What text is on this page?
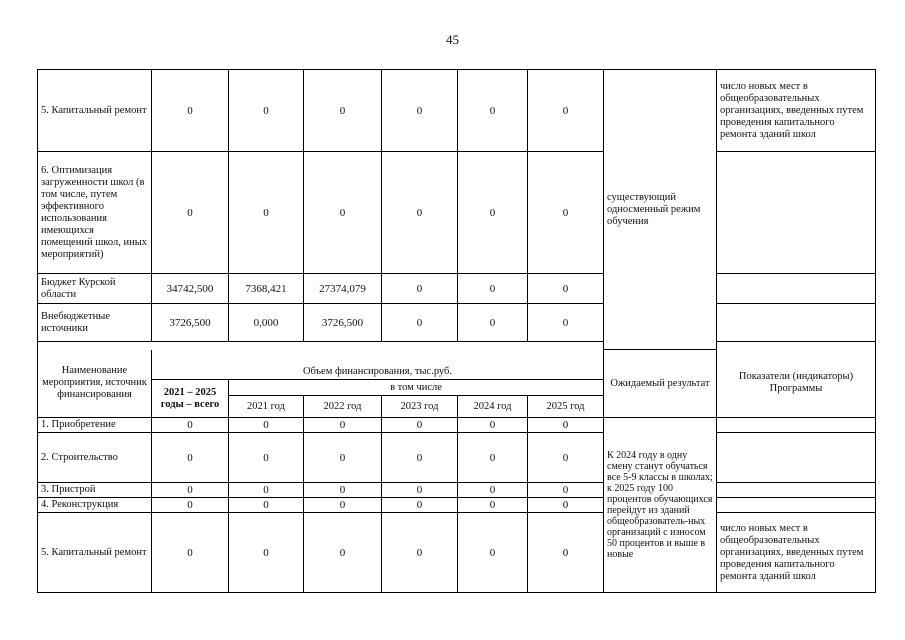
45
5. Капитальный ремонт	0	0	0	0	0	0	существующий односменный режим обучения	число новых мест в общеобразовательных организациях, введенных путем проведения капитального ремонта зданий школ
6. Оптимизация загруженности школ (в том числе, путем эффективного использования имеющихся помещений школ, иных мероприятий)	0	0	0	0	0	0		
Бюджет Курской области	34742,500	7368,421	27374,079	0	0	0		
Внебюджетные источники	3726,500	0,000	3726,500	0	0	0		

Наименование мероприятия, источник финансирования	Объем финансирования, тыс.руб.						Ожидаемый результат	Показатели (индикаторы) Программы
	2021 – 2025 годы – всего	в том числе						
		2021 год	2022 год	2023 год	2024 год	2025 год		
1. Приобретение	0	0	0	0	0	0	К 2024 году в одну смену станут обучаться все 5-9 классы в школах; к 2025 году 100 процентов обучающихся перейдут из зданий общеобразователь-ных организаций с износом 50 процентов и выше в новые	
2. Строительство	0	0	0	0	0	0		
3. Пристрой	0	0	0	0	0	0		
4. Реконструкция	0	0	0	0	0	0		
5. Капитальный ремонт	0	0	0	0	0	0		число новых мест в общеобразовательных организациях, введенных путем проведения капитального ремонта зданий школ
